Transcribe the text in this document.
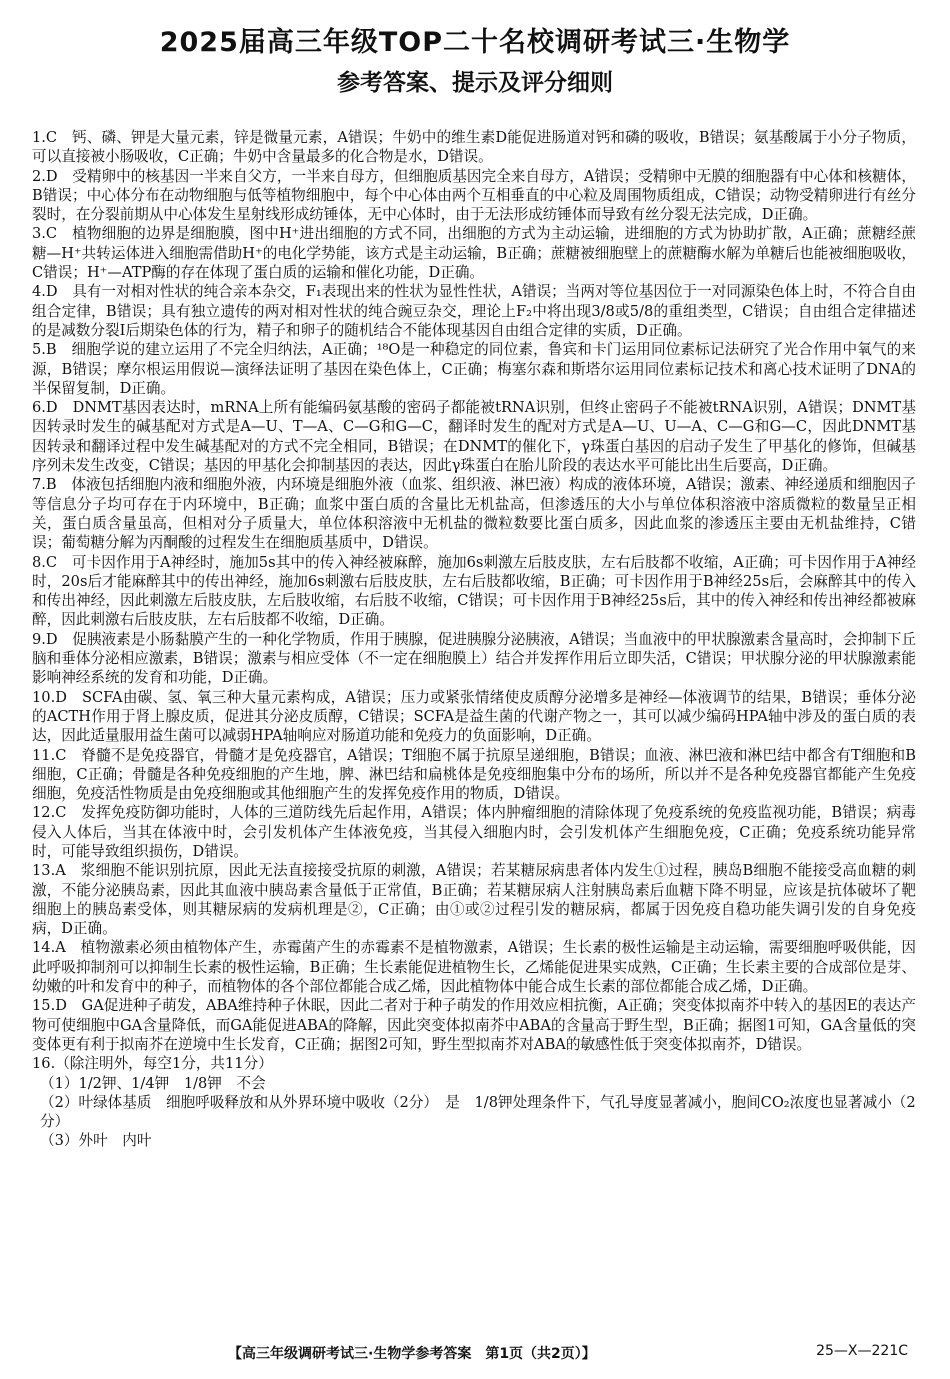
2025届高三年级TOP二十名校调研考试三·生物学
参考答案、提示及评分细则

1.C　 钙、磷、钾是大量元素，锌是微量元素，A错误；牛奶中的维生素D能促进肠道对钙和磷的吸收，B错误；氨基酸属于小分子物质，可以直接被小肠吸收，C正确；牛奶中含量最多的化合物是水，D错误。

2.D　 受精卵中的核基因一半来自父方，一半来自母方，但细胞质基因完全来自母方，A错误；受精卵中无膜的细胞器有中心体和核糖体，B错误；中心体分布在动物细胞与低等植物细胞中，每个中心体由两个互相垂直的中心粒及周围物质组成，C错误；动物受精卵进行有丝分裂时，在分裂前期从中心体发生星射线形成纺锤体，无中心体时，由于无法形成纺锤体而导致有丝分裂无法完成，D正确。

3.C　 植物细胞的边界是细胞膜，图中H⁺进出细胞的方式不同，出细胞的方式为主动运输，进细胞的方式为协助扩散，A正确；蔗糖经蔗糖—H⁺共转运体进入细胞需借助H⁺的电化学势能，该方式是主动运输，B正确；蔗糖被细胞壁上的蔗糖酶水解为单糖后也能被细胞吸收，C错误；H⁺—ATP酶的存在体现了蛋白质的运输和催化功能，D正确。

4.D　 具有一对相对性状的纯合亲本杂交，F₁表现出来的性状为显性性状，A错误；当两对等位基因位于一对同源染色体上时，不符合自由组合定律，B错误；具有独立遗传的两对相对性状的纯合豌豆杂交，理论上F₂中将出现3/8或5/8的重组类型，C错误；自由组合定律描述的是减数分裂Ⅰ后期染色体的行为，精子和卵子的随机结合不能体现基因自由组合定律的实质，D正确。

5.B　 细胞学说的建立运用了不完全归纳法，A正确；¹⁸O是一种稳定的同位素，鲁宾和卡门运用同位素标记法研究了光合作用中氧气的来源，B错误；摩尔根运用假说—演绎法证明了基因在染色体上，C正确；梅塞尔森和斯塔尔运用同位素标记技术和离心技术证明了DNA的半保留复制，D正确。

6.D　 DNMT基因表达时，mRNA上所有能编码氨基酸的密码子都能被tRNA识别，但终止密码子不能被tRNA识别，A错误；DNMT基因转录时发生的碱基配对方式是A—U、T—A、C—G和G—C，翻译时发生的配对方式是A—U、U—A、C—G和G—C，因此DNMT基因转录和翻译过程中发生碱基配对的方式不完全相同，B错误；在DNMT的催化下，γ珠蛋白基因的启动子发生了甲基化的修饰，但碱基序列未发生改变，C错误；基因的甲基化会抑制基因的表达，因此γ珠蛋白在胎儿阶段的表达水平可能比出生后要高，D正确。

7.B　 体液包括细胞内液和细胞外液，内环境是细胞外液（血浆、组织液、淋巴液）构成的液体环境，A错误；激素、神经递质和细胞因子等信息分子均可存在于内环境中，B正确；血浆中蛋白质的含量比无机盐高，但渗透压的大小与单位体积溶液中溶质微粒的数量呈正相关，蛋白质含量虽高，但相对分子质量大，单位体积溶液中无机盐的微粒数要比蛋白质多，因此血浆的渗透压主要由无机盐维持，C错误；葡萄糖分解为丙酮酸的过程发生在细胞质基质中，D错误。

8.C　 可卡因作用于A神经时，施加5s其中的传入神经被麻醉，施加6s刺激左后肢皮肤，左右后肢都不收缩，A正确；可卡因作用于A神经时，20s后才能麻醉其中的传出神经，施加6s刺激右后肢皮肤，左右后肢都收缩，B正确；可卡因作用于B神经25s后，会麻醉其中的传入和传出神经，因此刺激左后肢皮肤，左后肢收缩，右后肢不收缩，C错误；可卡因作用于B神经25s后，其中的传入神经和传出神经都被麻醉，因此刺激右后肢皮肤，左右后肢都不收缩，D正确。

9.D　 促胰液素是小肠黏膜产生的一种化学物质，作用于胰腺，促进胰腺分泌胰液，A错误；当血液中的甲状腺激素含量高时，会抑制下丘脑和垂体分泌相应激素，B错误；激素与相应受体（不一定在细胞膜上）结合并发挥作用后立即失活，C错误；甲状腺分泌的甲状腺激素能影响神经系统的发育和功能，D正确。

10.D　 SCFA由碳、氢、氧三种大量元素构成，A错误；压力或紧张情绪使皮质醇分泌增多是神经—体液调节的结果，B错误；垂体分泌的ACTH作用于肾上腺皮质，促进其分泌皮质醇，C错误；SCFA是益生菌的代谢产物之一，其可以减少编码HPA轴中涉及的蛋白质的表达，因此适量服用益生菌可以减弱HPA轴响应对肠道功能和免疫力的负面影响，D正确。

11.C　 脊髓不是免疫器官，骨髓才是免疫器官，A错误；T细胞不属于抗原呈递细胞，B错误；血液、淋巴液和淋巴结中都含有T细胞和B细胞，C正确；骨髓是各种免疫细胞的产生地，脾、淋巴结和扁桃体是免疫细胞集中分布的场所，所以并不是各种免疫器官都能产生免疫细胞，免疫活性物质是由免疫细胞或其他细胞产生的发挥免疫作用的物质，D错误。

12.C　 发挥免疫防御功能时，人体的三道防线先后起作用，A错误；体内肿瘤细胞的清除体现了免疫系统的免疫监视功能，B错误；病毒侵入人体后，当其在体液中时，会引发机体产生体液免疫，当其侵入细胞内时，会引发机体产生细胞免疫，C正确；免疫系统功能异常时，可能导致组织损伤，D错误。

13.A　 浆细胞不能识别抗原，因此无法直接接受抗原的刺激，A错误；若某糖尿病患者体内发生①过程，胰岛B细胞不能接受高血糖的刺激，不能分泌胰岛素，因此其血液中胰岛素含量低于正常值，B正确；若某糖尿病人注射胰岛素后血糖下降不明显，应该是抗体破坏了靶细胞上的胰岛素受体，则其糖尿病的发病机理是②，C正确；由①或②过程引发的糖尿病，都属于因免疫自稳功能失调引发的自身免疫病，D正确。

14.A　 植物激素必须由植物体产生，赤霉菌产生的赤霉素不是植物激素，A错误；生长素的极性运输是主动运输，需要细胞呼吸供能，因此呼吸抑制剂可以抑制生长素的极性运输，B正确；生长素能促进植物生长，乙烯能促进果实成熟，C正确；生长素主要的合成部位是芽、幼嫩的叶和发育中的种子，而植物体的各个部位都能合成乙烯，因此植物体中能合成生长素的部位都能合成乙烯，D正确。

15.D　 GA促进种子萌发，ABA维持种子休眠，因此二者对于种子萌发的作用效应相抗衡，A正确；突变体拟南芥中转入的基因E的表达产物可使细胞中GA含量降低，而GA能促进ABA的降解，因此突变体拟南芥中ABA的含量高于野生型，B正确；据图1可知，GA含量低的突变体更有利于拟南芥在逆境中生长发育，C正确；据图2可知，野生型拟南芥对ABA的敏感性低于突变体拟南芥，D错误。

16.（除注明外，每空1分，共11分）
（1）1/2钾、1/4钾　1/8钾　不会
（2）叶绿体基质　细胞呼吸释放和从外界环境中吸收（2分）　是　1/8钾处理条件下，气孔导度显著减小，胞间CO₂浓度也显著减小（2分）
（3）外叶　内叶
【高三年级调研考试三·生物学参考答案　第1页（共2页）】	25—X—221C
